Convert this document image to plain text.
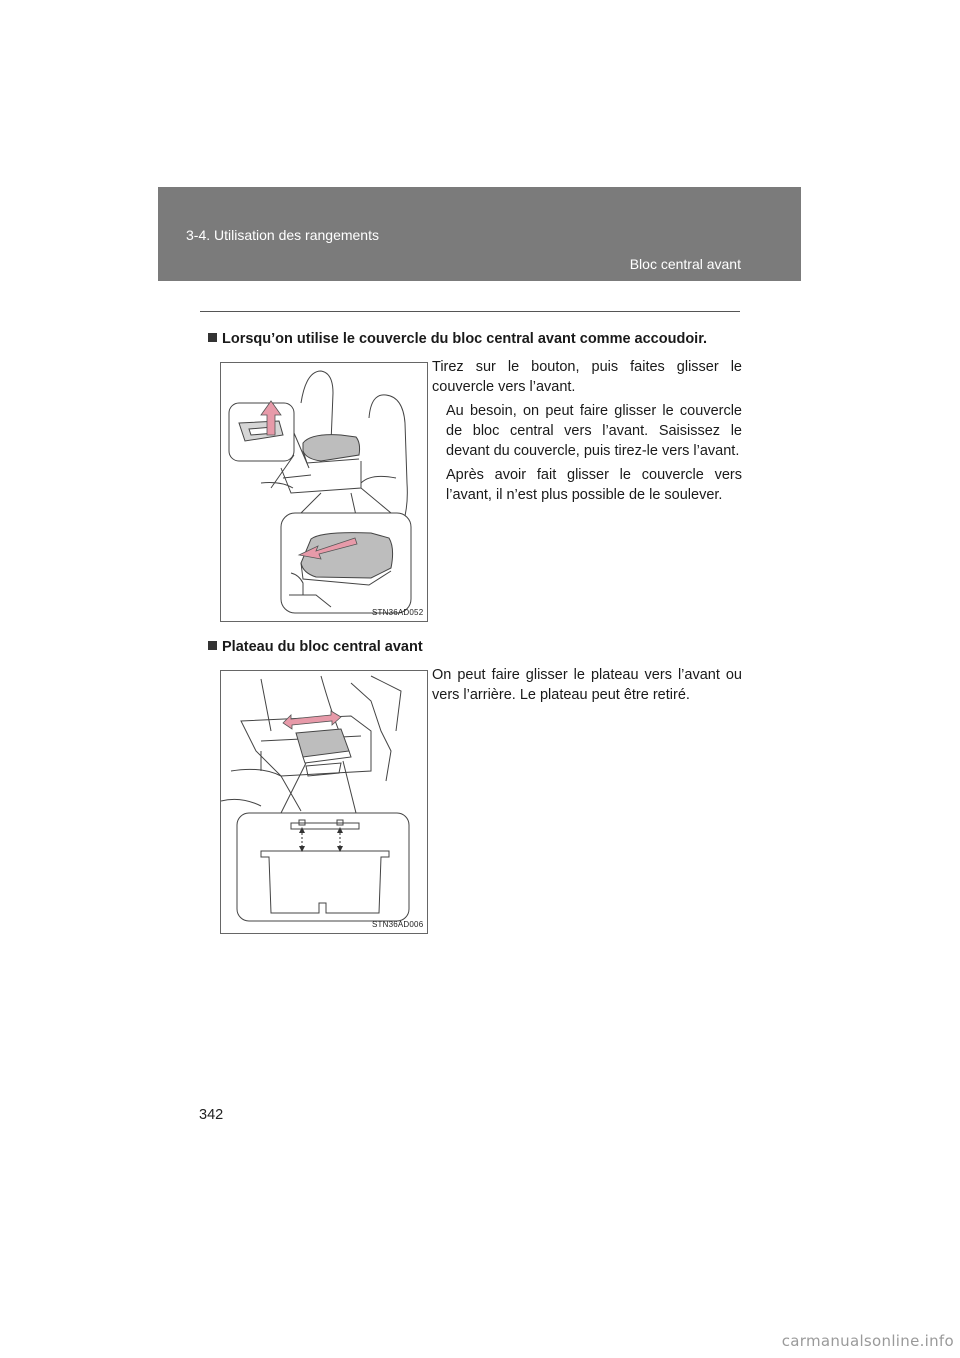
3-4. Utilisation des rangements
Bloc central avant
Lorsqu’on utilise le couvercle du bloc central avant comme accoudoir.
STN36AD052

Tirez sur le bouton, puis faites glisser le couvercle vers l’avant.

Au besoin, on peut faire glisser le couvercle de bloc central vers l’avant. Saisissez le devant du couvercle, puis tirez-le vers l’avant.

Après avoir fait glisser le couvercle vers l’avant, il n’est plus possible de le soulever.

Plateau du bloc central avant
STN36AD006

On peut faire glisser le plateau vers l’avant ou vers l’arrière. Le plateau peut être retiré.

342
carmanualsonline.info
